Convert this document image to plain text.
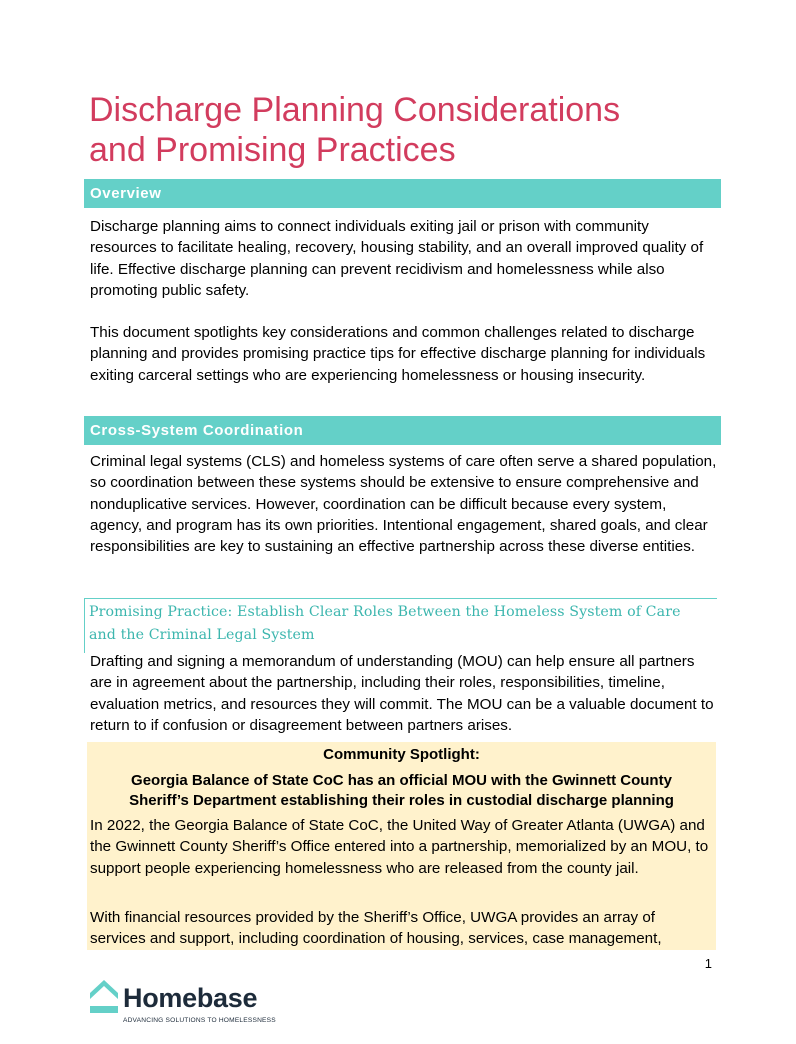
Discharge Planning Considerations
and Promising Practices
Overview

Discharge planning aims to connect individuals exiting jail or prison with community resources to facilitate healing, recovery, housing stability, and an overall improved quality of life. Effective discharge planning can prevent recidivism and homelessness while also promoting public safety.

This document spotlights key considerations and common challenges related to discharge planning and provides promising practice tips for effective discharge planning for individuals exiting carceral settings who are experiencing homelessness or housing insecurity.

Cross-System Coordination

Criminal legal systems (CLS) and homeless systems of care often serve a shared population, so coordination between these systems should be extensive to ensure comprehensive and nonduplicative services. However, coordination can be difficult because every system, agency, and program has its own priorities. Intentional engagement, shared goals, and clear responsibilities are key to sustaining an effective partnership across these diverse entities.

Promising Practice: Establish Clear Roles Between the Homeless System of Care
and the Criminal Legal System

Drafting and signing a memorandum of understanding (MOU) can help ensure all partners are in agreement about the partnership, including their roles, responsibilities, timeline, evaluation metrics, and resources they will commit. The MOU can be a valuable document to return to if confusion or disagreement between partners arises.

Community Spotlight:

Georgia Balance of State CoC has an official MOU with the Gwinnett County
Sheriff’s Department establishing their roles in custodial discharge planning

In 2022, the Georgia Balance of State CoC, the United Way of Greater Atlanta (UWGA) and the Gwinnett County Sheriff’s Office entered into a partnership, memorialized by an MOU, to support people experiencing homelessness who are released from the county jail.

With financial resources provided by the Sheriff’s Office, UWGA provides an array of services and support, including coordination of housing, services, case management,

1
Homebase
ADVANCING SOLUTIONS TO HOMELESSNESS
